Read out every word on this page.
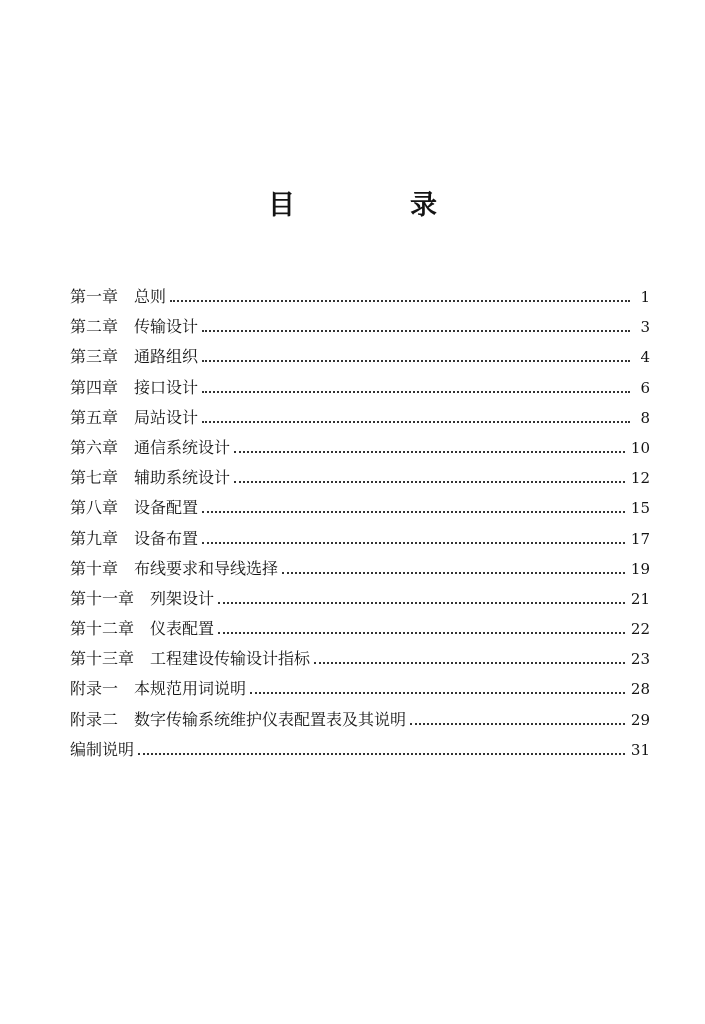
目　录
第一章 总则	1
第二章 传输设计	3
第三章 通路组织	4
第四章 接口设计	6
第五章 局站设计	8
第六章 通信系统设计	10
第七章 辅助系统设计	12
第八章 设备配置	15
第九章 设备布置	17
第十章 布线要求和导线选择	19
第十一章 列架设计	21
第十二章 仪表配置	22
第十三章 工程建设传输设计指标	23
附录一 本规范用词说明	28
附录二 数字传输系统维护仪表配置表及其说明	29
编制说明	31
